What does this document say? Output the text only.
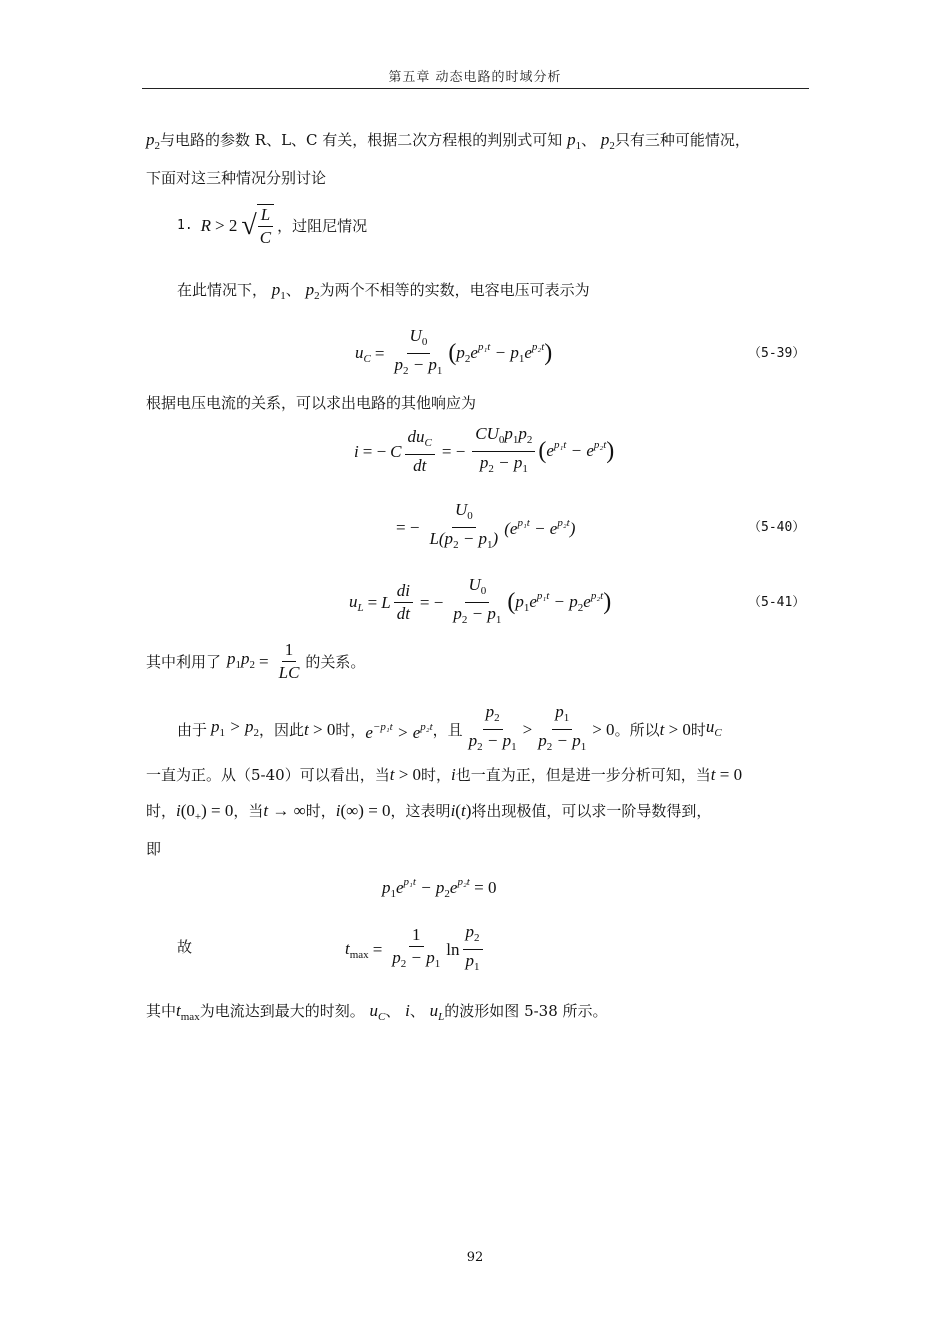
第五章 动态电路的时域分析
$p_2$与电路的参数 R、L、C 有关，根据二次方程根的判别式可知 $p_1$、 $p_2$只有三种可能情况，
下面对这三种情况分别讨论
1. R > 2 √ $\frac{L}{C}$ ，过阻尼情况
在此情况下， $p_1$、 $p_2$为两个不相等的实数，电容电压可表示为
$u_C = \frac{U_0}{p_2 - p_1} (p_2e^{p_1t} - p_1e^{p_2t})$	（5-39）
根据电压电流的关系，可以求出电路的其他响应为
i = − C $\frac{du_C}{dt}$ = − $\frac{CU_0p_1p_2}{p_2 - p_1} (e^{p_1t} - e^{p_2t})$
= − $\frac{U_0}{L(p_2 - p_1)} (e^{p_1t} - e^{p_2t})$	（5-40）
$u_L = L \frac{di}{dt}$ = − $\frac{U_0}{p_2 - p_1} (p_1e^{p_1t} - p_2e^{p_2t})$	（5-41）
其中利用了 $p_1p_2 = \frac{1}{LC}$ 的关系。
由于 $p_1 > p_2$ ，因此 t > 0 时， $e^{-p_1t} > e^{p_2t}$ ，且 $\frac{p_2}{p_2 - p_1} > \frac{p_1}{p_2 - p_1} > 0$ 。所以 t > 0 时 $u_C$
一直为正。从（5-40）可以看出，当t > 0时，i也一直为正，但是进一步分析可知，当t = 0
时，$i(0_+) = 0$，当t → ∞时，i(∞) = 0，这表明i(t)将出现极值，可以求一阶导数得到，
即
$p_1e^{p_1t} - p_2e^{p_2t} = 0$
故	$t_{max} = \frac{1}{p_2 - p_1}$ $\ln \frac{p_2}{p_1}$
其中$t_{max}$为电流达到最大的时刻。 $u_C$、 i、 $u_L$的波形如图 5-38 所示。
92
